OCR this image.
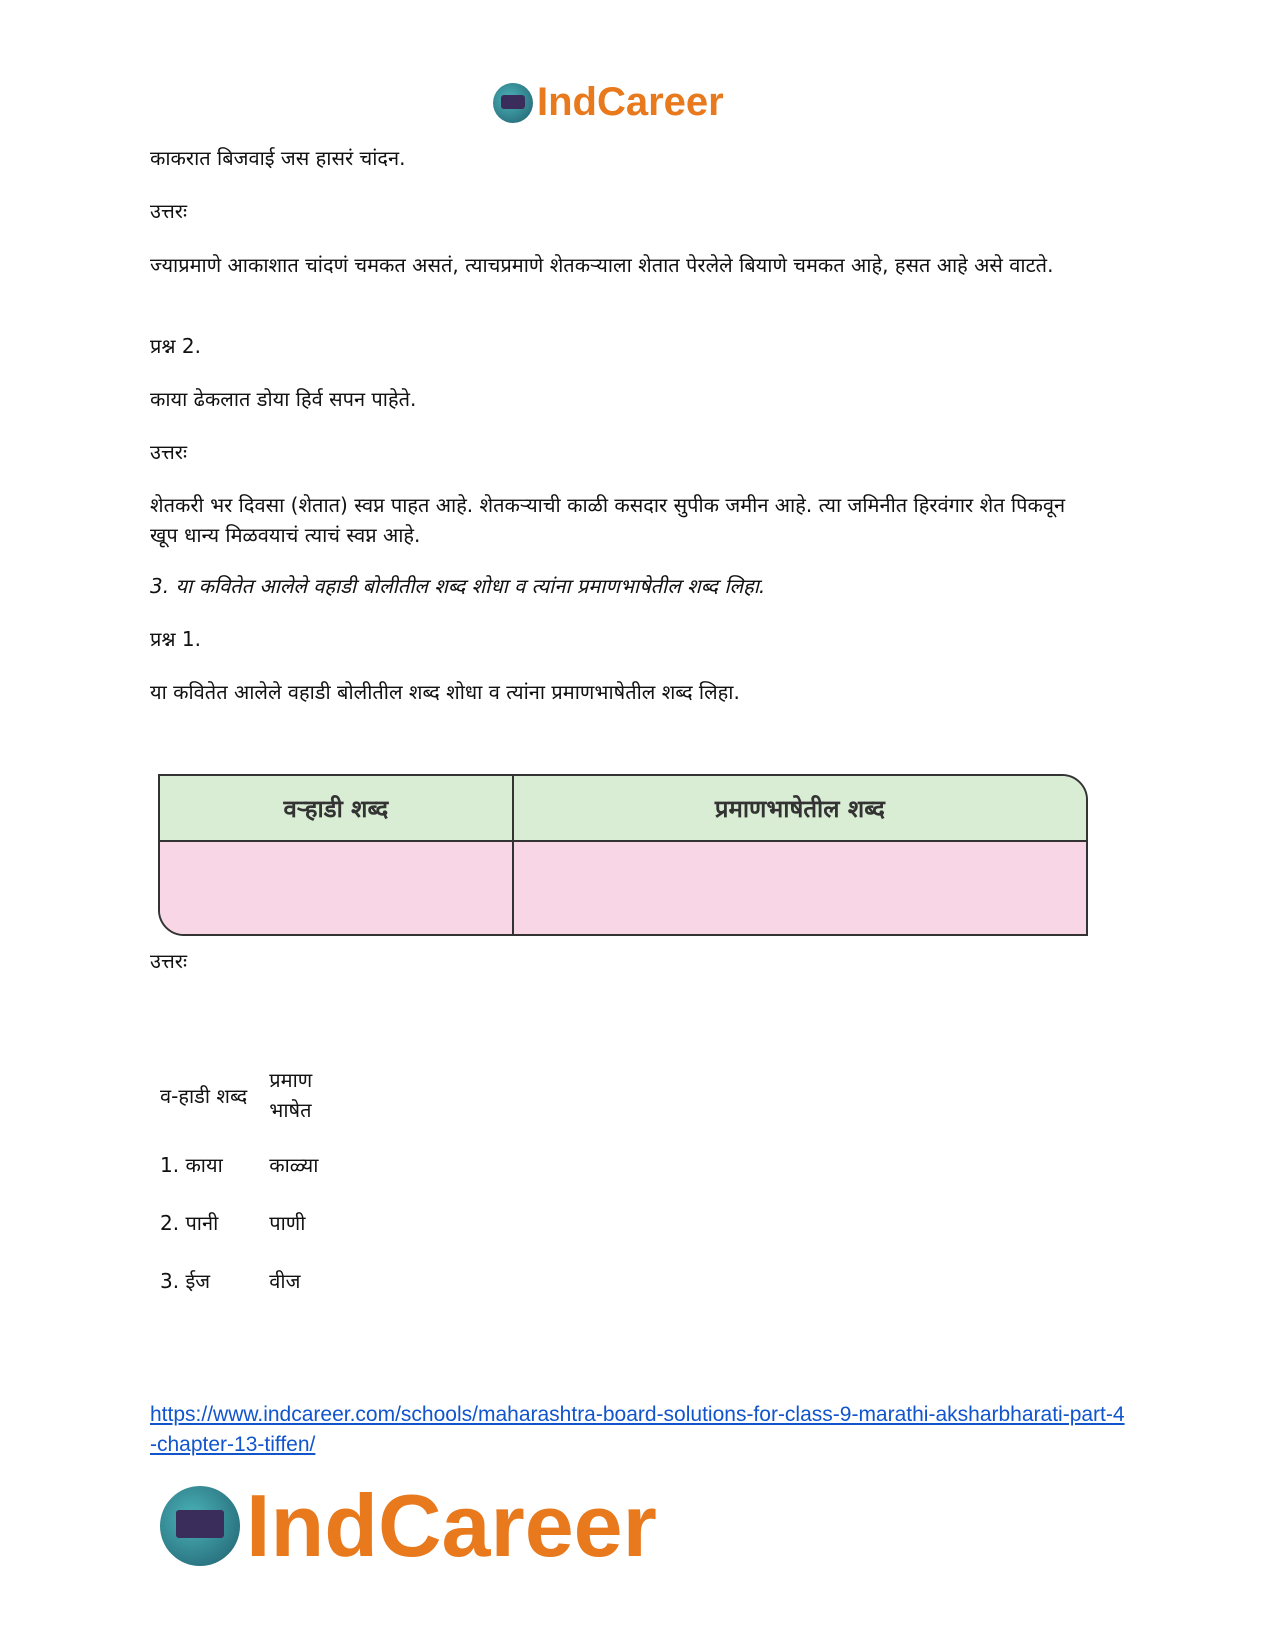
IndCareer
काकरात बिजवाई जस हासरं चांदन.
उत्तरः
ज्याप्रमाणे आकाशात चांदणं चमकत असतं, त्याचप्रमाणे शेतकऱ्याला शेतात पेरलेले बियाणे चमकत आहे, हसत आहे असे वाटते.
प्रश्न 2.
काया ढेकलात डोया हिर्व सपन पाहेते.
उत्तरः
शेतकरी भर दिवसा (शेतात) स्वप्न पाहत आहे. शेतकऱ्याची काळी कसदार सुपीक जमीन आहे. त्या जमिनीत हिरवंगार शेत पिकवून खूप धान्य मिळवयाचं त्याचं स्वप्न आहे.
3. या कवितेत आलेले वहाडी बोलीतील शब्द शोधा व त्यांना प्रमाणभाषेतील शब्द लिहा.
प्रश्न 1.
या कवितेत आलेले वहाडी बोलीतील शब्द शोधा व त्यांना प्रमाणभाषेतील शब्द लिहा.
वऱ्हाडी शब्द	प्रमाणभाषेतील शब्द

उत्तरः
व-हाडी शब्द	प्रमाण भाषेत
1. काया	काळ्या
2. पानी	पाणी
3. ईज	वीज
https://www.indcareer.com/schools/maharashtra-board-solutions-for-class-9-marathi-aksharbharati-part-4-chapter-13-tiffen/
IndCareer
